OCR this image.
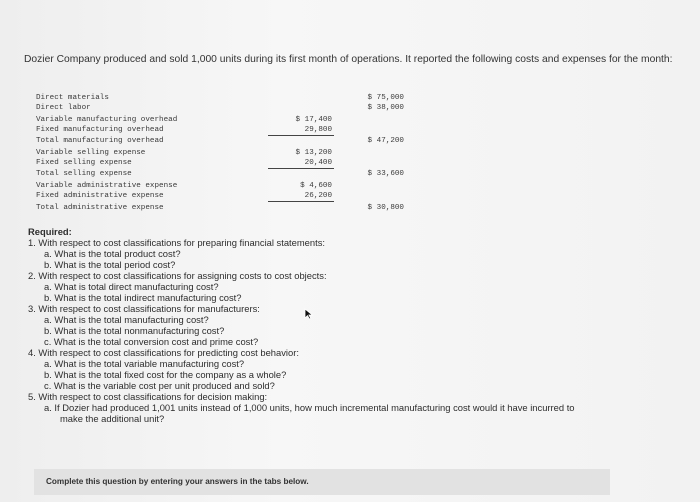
Dozier Company produced and sold 1,000 units during its first month of operations. It reported the following costs and expenses for the month:
Direct materials	$ 75,000
Direct labor	$ 38,000
Variable manufacturing overhead	$ 17,400
Fixed manufacturing overhead	29,800
Total manufacturing overhead	$ 47,200
Variable selling expense	$ 13,200
Fixed selling expense	20,400
Total selling expense	$ 33,600
Variable administrative expense	$ 4,600
Fixed administrative expense	26,200
Total administrative expense	$ 30,800
Required:
1. With respect to cost classifications for preparing financial statements:
a. What is the total product cost?
b. What is the total period cost?
2. With respect to cost classifications for assigning costs to cost objects:
a. What is total direct manufacturing cost?
b. What is the total indirect manufacturing cost?
3. With respect to cost classifications for manufacturers:
a. What is the total manufacturing cost?
b. What is the total nonmanufacturing cost?
c. What is the total conversion cost and prime cost?
4. With respect to cost classifications for predicting cost behavior:
a. What is the total variable manufacturing cost?
b. What is the total fixed cost for the company as a whole?
c. What is the variable cost per unit produced and sold?
5. With respect to cost classifications for decision making:
a. If Dozier had produced 1,001 units instead of 1,000 units, how much incremental manufacturing cost would it have incurred to
make the additional unit?
Complete this question by entering your answers in the tabs below.
